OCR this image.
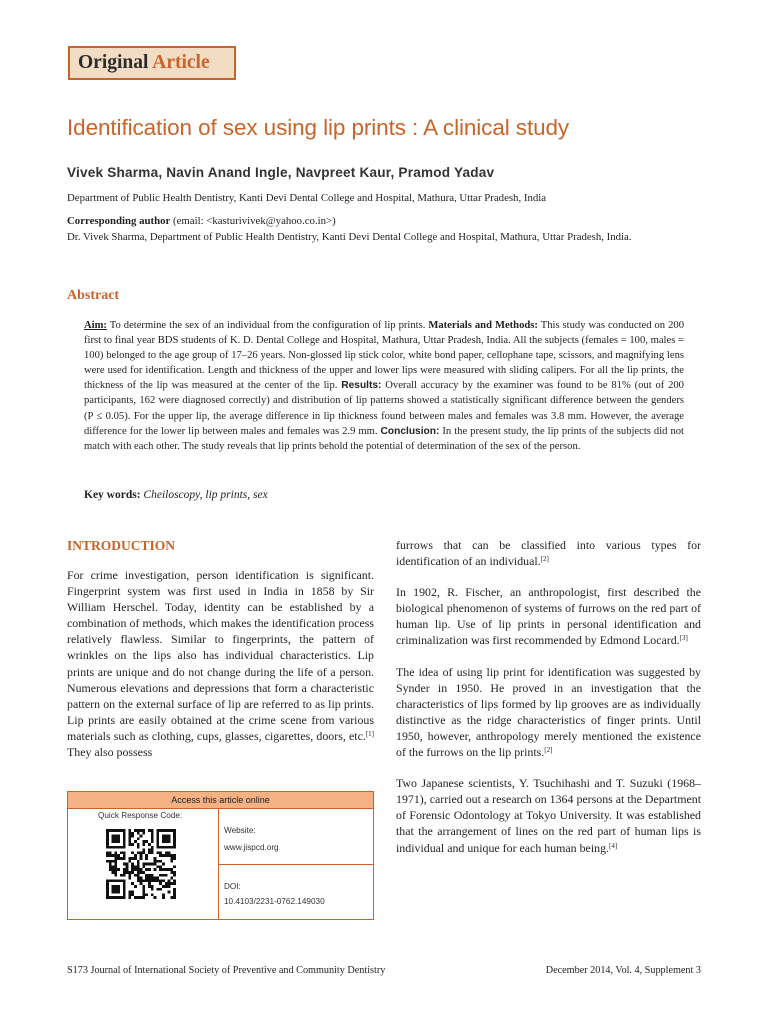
Original Article
Identification of sex using lip prints : A clinical study
Vivek Sharma, Navin Anand Ingle, Navpreet Kaur, Pramod Yadav
Department of Public Health Dentistry, Kanti Devi Dental College and Hospital, Mathura, Uttar Pradesh, India
Corresponding author (email: <kasturivivek@yahoo.co.in>)
Dr. Vivek Sharma, Department of Public Health Dentistry, Kanti Devi Dental College and Hospital, Mathura, Uttar Pradesh, India.
Abstract
Aim: To determine the sex of an individual from the configuration of lip prints. Materials and Methods: This study was conducted on 200 first to final year BDS students of K. D. Dental College and Hospital, Mathura, Uttar Pradesh, India. All the subjects (females = 100, males = 100) belonged to the age group of 17–26 years. Non-glossed lip stick color, white bond paper, cellophane tape, scissors, and magnifying lens were used for identification. Length and thickness of the upper and lower lips were measured with sliding calipers. For all the lip prints, the thickness of the lip was measured at the center of the lip. Results: Overall accuracy by the examiner was found to be 81% (out of 200 participants, 162 were diagnosed correctly) and distribution of lip patterns showed a statistically significant difference between the genders (P ≤ 0.05). For the upper lip, the average difference in lip thickness found between males and females was 3.8 mm. However, the average difference for the lower lip between males and females was 2.9 mm. Conclusion: In the present study, the lip prints of the subjects did not match with each other. The study reveals that lip prints behold the potential of determination of the sex of the person.
Key words: Cheiloscopy, lip prints, sex
INTRODUCTION
For crime investigation, person identification is significant. Fingerprint system was first used in India in 1858 by Sir William Herschel. Today, identity can be established by a combination of methods, which makes the identification process relatively flawless. Similar to fingerprints, the pattern of wrinkles on the lips also has individual characteristics. Lip prints are unique and do not change during the life of a person. Numerous elevations and depressions that form a characteristic pattern on the external surface of lip are referred to as lip prints. Lip prints are easily obtained at the crime scene from various materials such as clothing, cups, glasses, cigarettes, doors, etc.[1] They also possess

furrows that can be classified into various types for identification of an individual.[2]

In 1902, R. Fischer, an anthropologist, first described the biological phenomenon of systems of furrows on the red part of human lip. Use of lip prints in personal identification and criminalization was first recommended by Edmond Locard.[3]

The idea of using lip print for identification was suggested by Synder in 1950. He proved in an investigation that the characteristics of lips formed by lip grooves are as individually distinctive as the ridge characteristics of finger prints. Until 1950, however, anthropology merely mentioned the existence of the furrows on the lip prints.[2]

Two Japanese scientists, Y. Tsuchihashi and T. Suzuki (1968–1971), carried out a research on 1364 persons at the Department of Forensic Odontology at Tokyo University. It was established that the arrangement of lines on the red part of human lips is individual and unique for each human being.[4]

Access this article online
Quick Response Code:
Website:
www.jispcd.org
DOI:
10.4103/2231-0762.149030
S173 Journal of International Society of Preventive and Community Dentistry	December 2014, Vol. 4, Supplement 3
